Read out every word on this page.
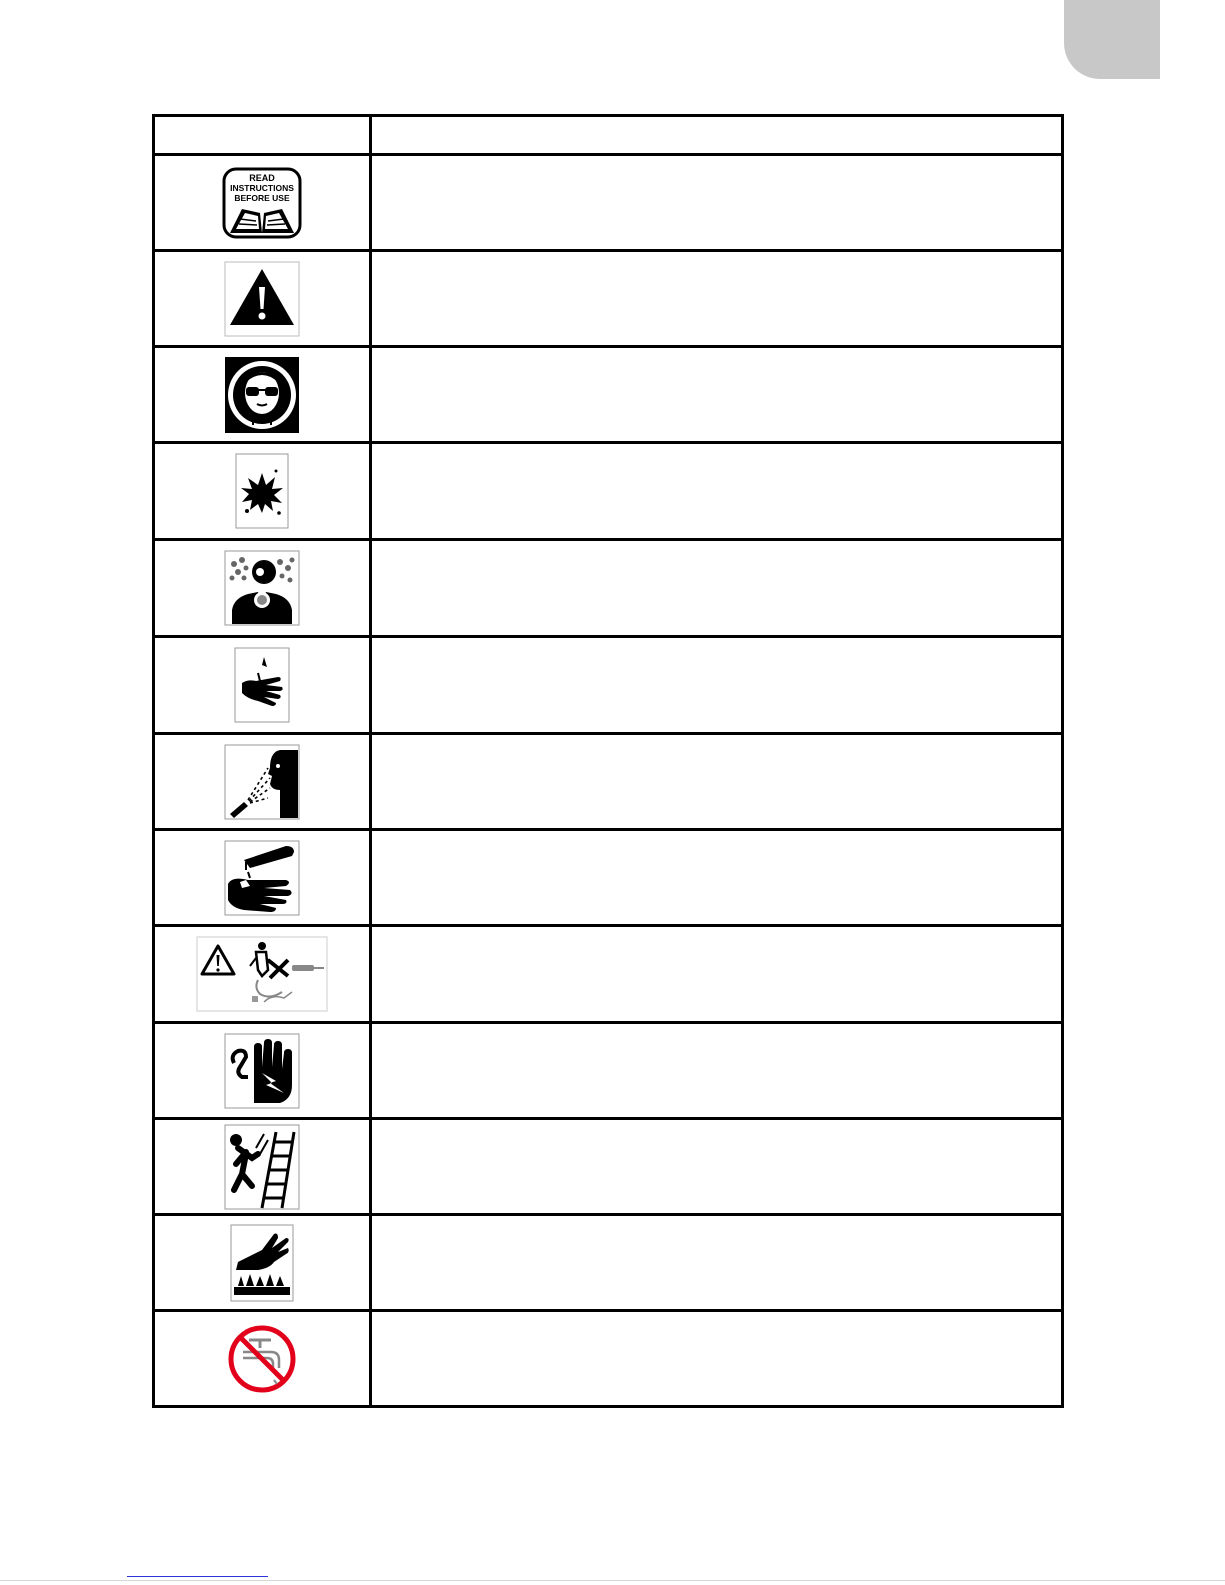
READ
INSTRUCTIONS
BEFORE USE	
